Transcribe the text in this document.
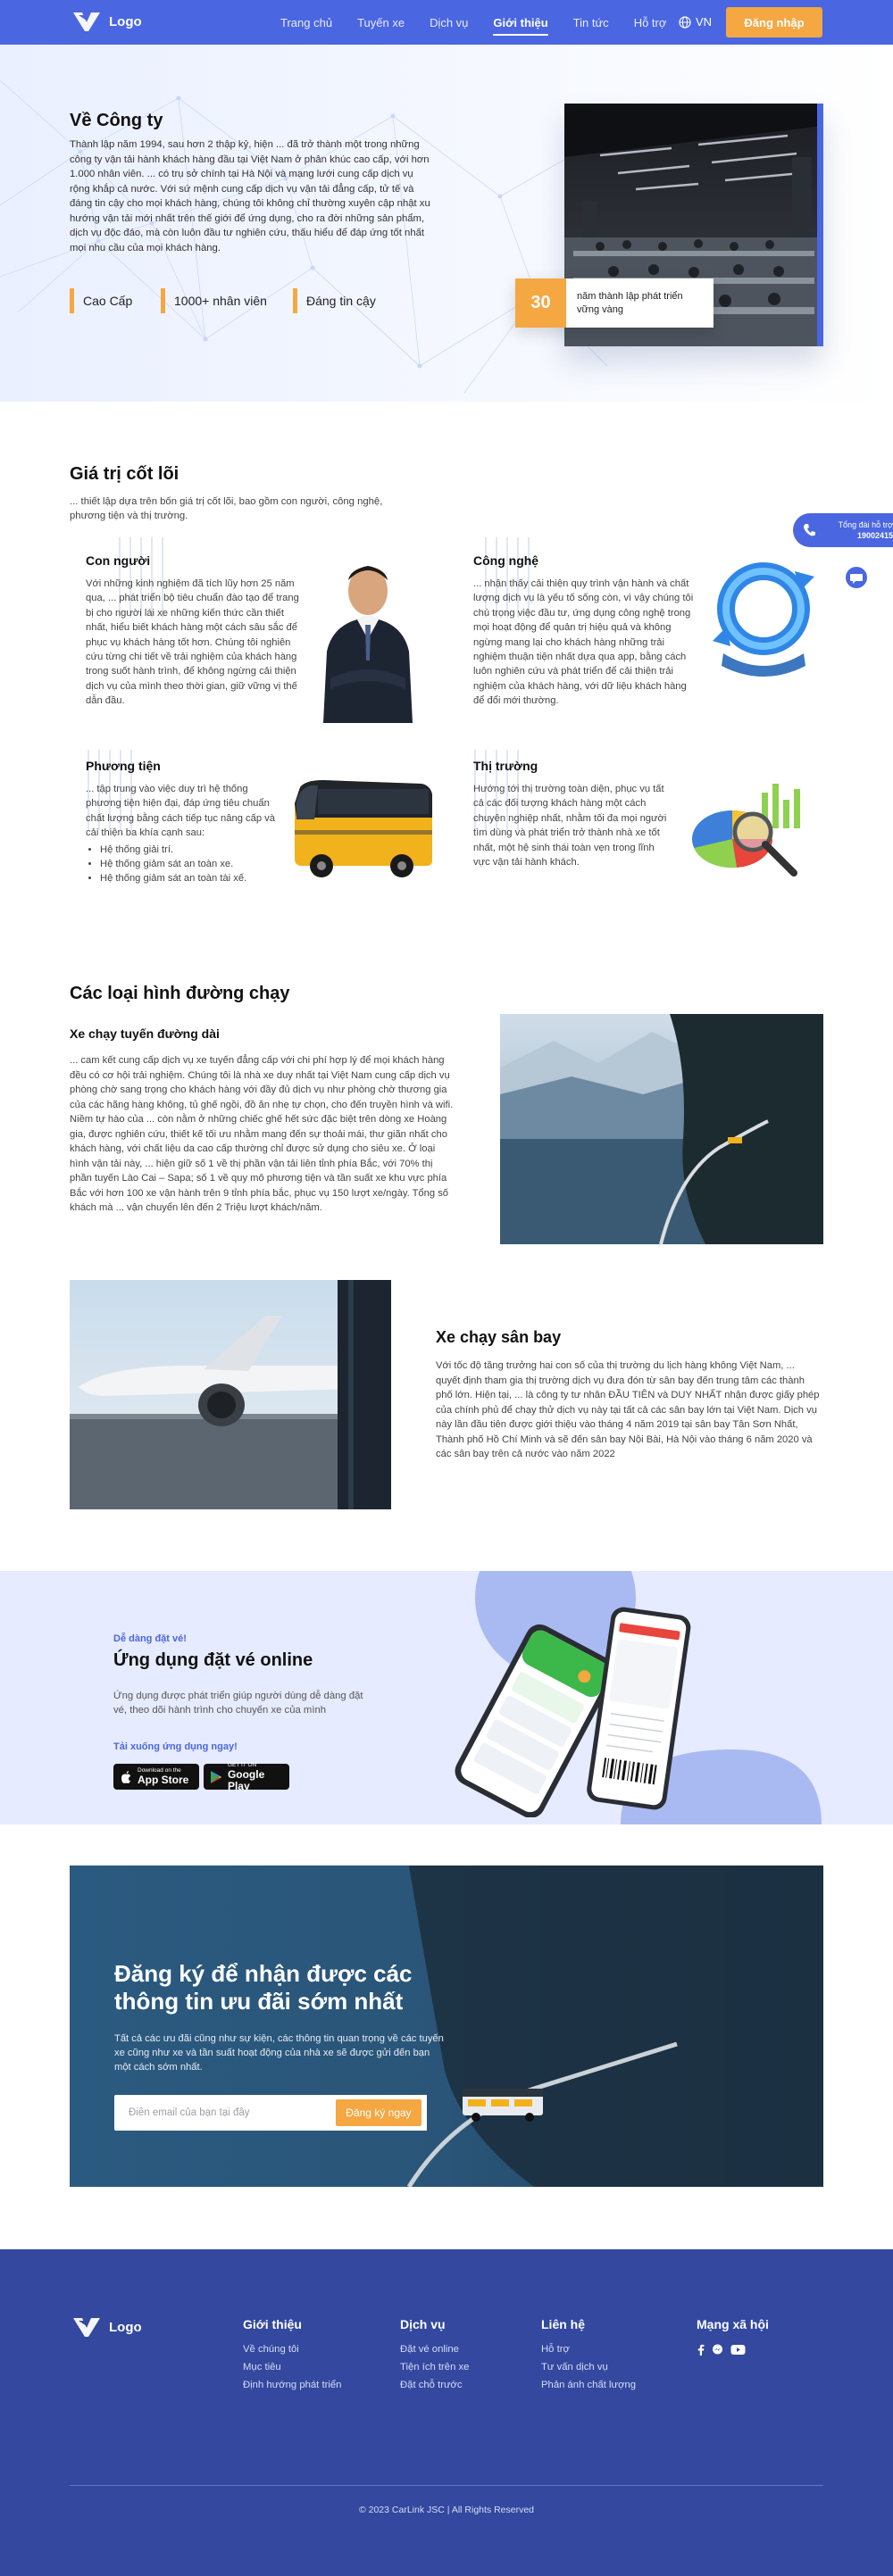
Logo	Trang chủ	Tuyến xe	Dịch vụ	Giới thiệu	Tin tức	Hỗ trợ	VN	Đăng nhập
Về Công ty
Thành lập năm 1994, sau hơn 2 thập kỷ, hiện ... đã trở thành một trong những công ty vận tải hành khách hàng đầu tại Việt Nam ở phân khúc cao cấp, với hơn 1.000 nhân viên. ... có trụ sở chính tại Hà Nội và mạng lưới cung cấp dịch vụ rộng khắp cả nước. Với sứ mệnh cung cấp dịch vụ vận tải đẳng cấp, tử tế và đáng tin cậy cho mọi khách hàng, chúng tôi không chỉ thường xuyên cập nhật xu hướng vận tải mới nhất trên thế giới để ứng dụng, cho ra đời những sản phẩm, dịch vụ độc đáo, mà còn luôn đầu tư nghiên cứu, thấu hiểu để đáp ứng tốt nhất mọi nhu cầu của mọi khách hàng.
Cao Cấp	1000+ nhân viên	Đáng tin cậy	30	năm thành lập phát triển vững vàng
Giá trị cốt lõi
... thiết lập dựa trên bốn giá trị cốt lõi, bao gồm con người, công nghệ, phương tiện và thị trường.
Con người
Với những kinh nghiệm đã tích lũy hơn 25 năm qua, ... phát triển bộ tiêu chuẩn đào tạo để trang bị cho người lái xe những kiến thức cần thiết nhất, hiểu biết khách hàng một cách sâu sắc để phục vụ khách hàng tốt hơn. Chúng tôi nghiên cứu từng chi tiết về trải nghiệm của khách hàng trong suốt hành trình, để không ngừng cải thiện dịch vụ của mình theo thời gian, giữ vững vị thế dẫn đầu.
Công nghệ
... nhận thấy cải thiện quy trình vận hành và chất lượng dịch vụ là yếu tố sống còn, vì vậy chúng tôi chú trọng việc đầu tư, ứng dụng công nghệ trong mọi hoạt động để quản trị hiệu quả và không ngừng mang lại cho khách hàng những trải nghiệm thuận tiện nhất dựa qua app, bằng cách luôn nghiên cứu và phát triển để cải thiện trải nghiệm của khách hàng, với dữ liệu khách hàng để đổi mới thường.
Phương tiện
... tập trung vào việc duy trì hệ thống phương tiện hiện đại, đáp ứng tiêu chuẩn chất lượng bằng cách tiếp tục nâng cấp và cải thiện ba khía cạnh sau:
• Hệ thống giải trí.
• Hệ thống giảm sát an toàn xe.
• Hệ thống giảm sát an toàn tài xế.
Thị trường
Hướng tới thị trường toàn diện, phục vụ tất cả các đối tượng khách hàng một cách chuyên nghiệp nhất, nhằm tối đa mọi người tìm dùng và phát triển trở thành nhà xe tốt nhất, một hệ sinh thái toàn vẹn trong lĩnh vực vận tải hành khách.
Tổng đài hỗ trợ
19002415
Các loại hình đường chạy
Xe chạy tuyến đường dài
... cam kết cung cấp dịch vụ xe tuyến đẳng cấp với chi phí hợp lý để mọi khách hàng đều có cơ hội trải nghiệm. Chúng tôi là nhà xe duy nhất tại Việt Nam cung cấp dịch vụ phòng chờ sang trọng cho khách hàng với đầy đủ dịch vụ như phòng chờ thương gia của các hãng hàng không, tủ ghế ngồi, đồ ăn nhẹ tự chọn, cho đến truyền hình và wifi. Niềm tự hào của ... còn nằm ở những chiếc ghế hết sức đặc biệt trên dòng xe Hoàng gia, được nghiên cứu, thiết kế tối ưu nhằm mang đến sự thoải mái, thư giãn nhất cho khách hàng, với chất liệu da cao cấp thường chỉ được sử dụng cho siêu xe. Ở loại hình vận tải này, ... hiện giữ số 1 về thị phần vận tải liên tỉnh phía Bắc, với 70% thị phần tuyến Lào Cai – Sapa; số 1 về quy mô phương tiện và tần suất xe khu vực phía Bắc với hơn 100 xe vận hành trên 9 tỉnh phía bắc, phục vụ 150 lượt xe/ngày. Tổng số khách mà ... vận chuyển lên đến 2 Triệu lượt khách/năm.
Xe chạy sân bay
Với tốc độ tăng trưởng hai con số của thị trường du lịch hàng không Việt Nam, ... quyết định tham gia thị trường dịch vụ đưa đón từ sân bay đến trung tâm các thành phố lớn. Hiện tại, ... là công ty tư nhân ĐẦU TIÊN và DUY NHẤT nhận được giấy phép của chính phủ để chạy thử dịch vụ này tại tất cả các sân bay lớn tại Việt Nam. Dịch vụ này lần đầu tiên được giới thiệu vào tháng 4 năm 2019 tại sân bay Tân Sơn Nhất, Thành phố Hồ Chí Minh và sẽ đến sân bay Nội Bài, Hà Nội vào tháng 6 năm 2020 và các sân bay trên cả nước vào năm 2022
Dễ dàng đặt vé!
Ứng dụng đặt vé online
Ứng dụng được phát triển giúp người dùng dễ dàng đặt vé, theo dõi hành trình cho chuyến xe của mình
Tải xuống ứng dụng ngay!
Download on the
App Store
GET IT ON
Google Play
Đăng ký để nhận được các thông tin ưu đãi sớm nhất
Tất cả các ưu đãi cũng như sự kiện, các thông tin quan trọng về các tuyến xe cũng như xe và tần suất hoạt động của nhà xe sẽ được gửi đến bạn một cách sớm nhất.
Điền email của bạn tại đây
Đăng ký ngay
Logo	Giới thiệu
Về chúng tôi
Mục tiêu
Định hướng phát triển
Dịch vụ
Đặt vé online
Tiện ích trên xe
Đặt chỗ trước
Liên hệ
Hỗ trợ
Tư vấn dịch vụ
Phản ánh chất lượng
Mạng xã hội
© 2023 CarLink JSC | All Rights Reserved
